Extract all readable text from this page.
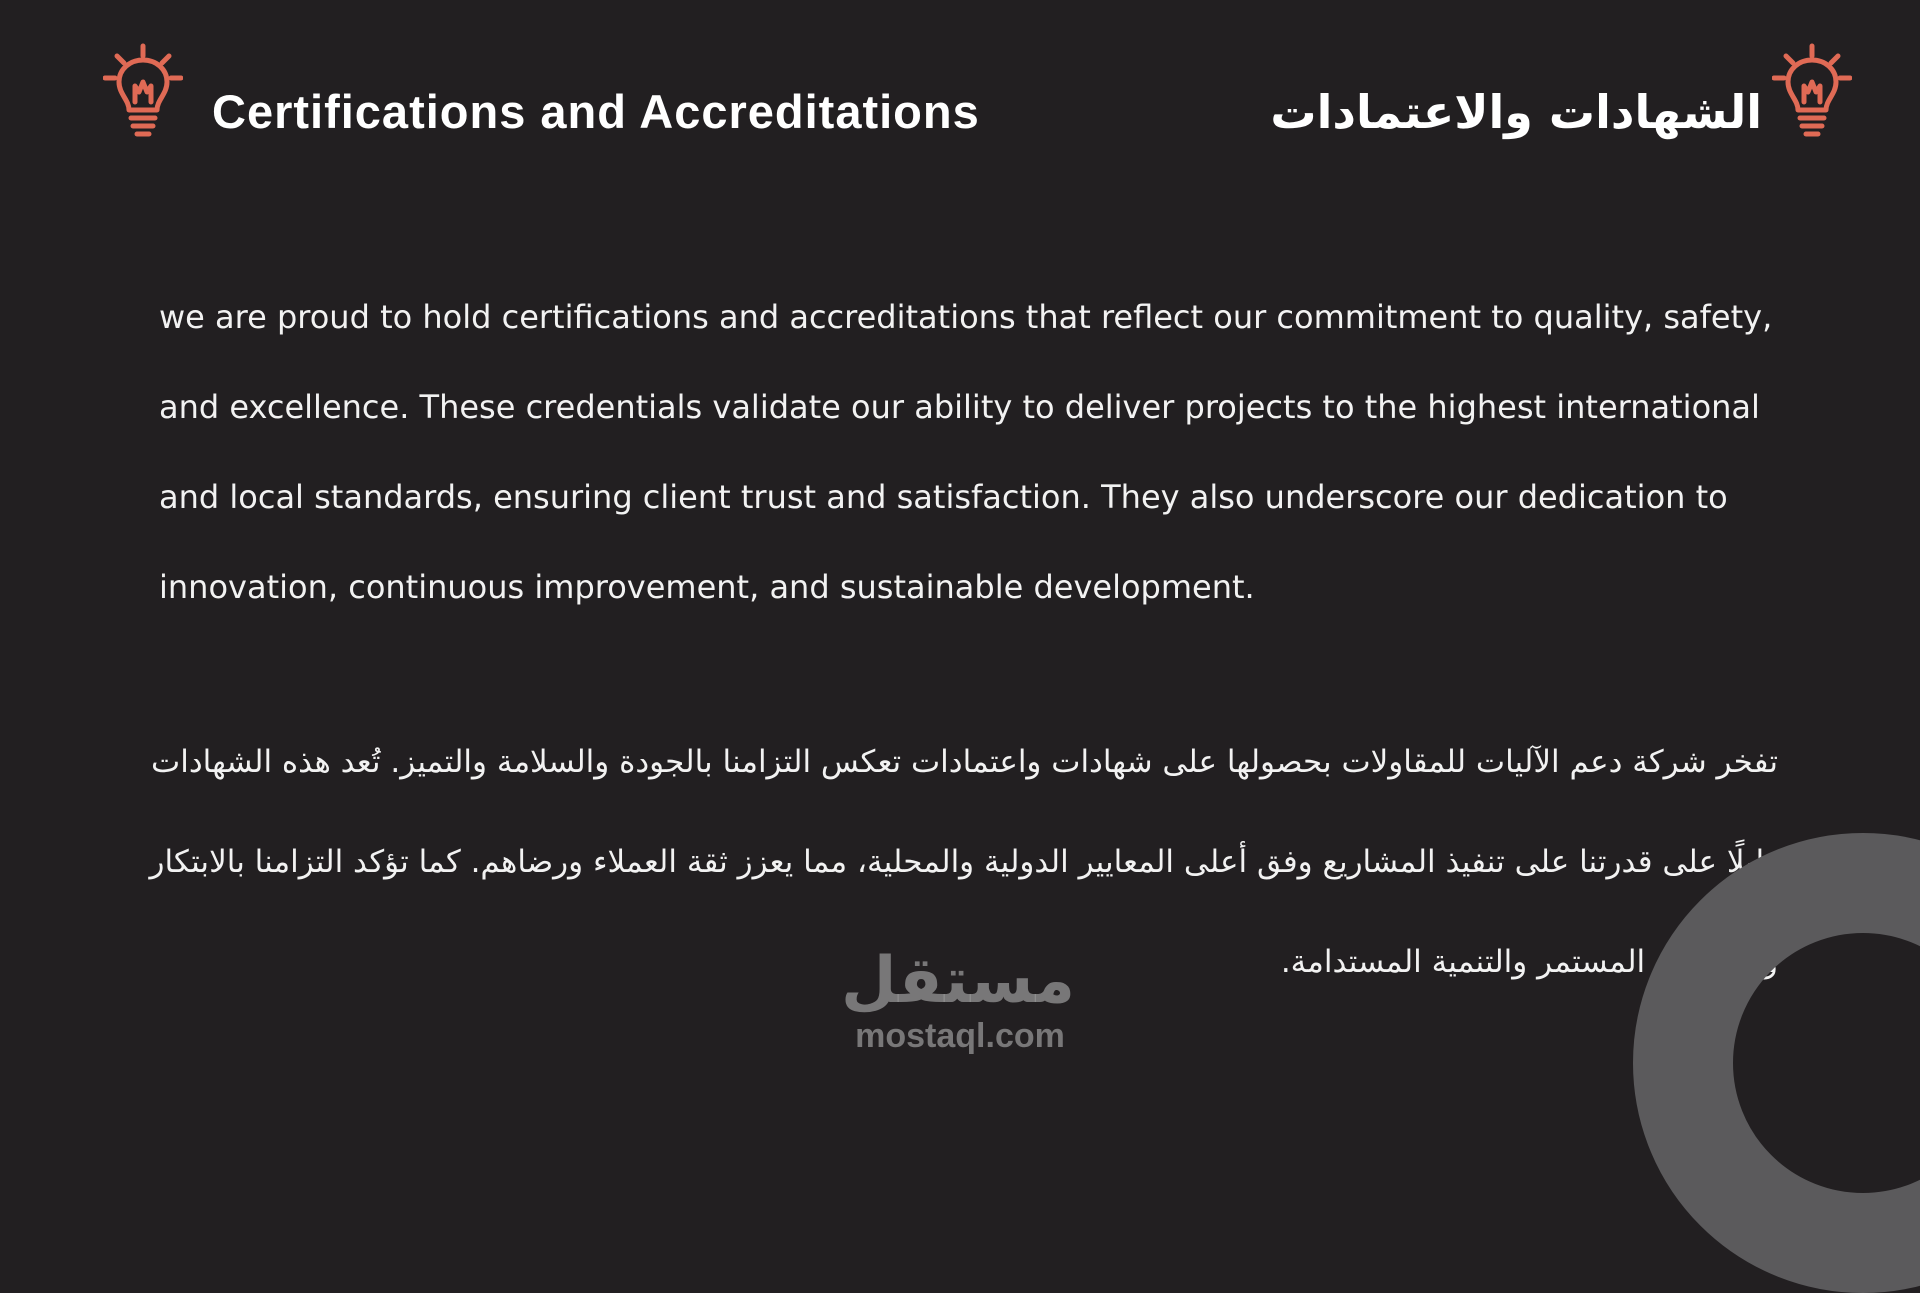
Certifications and Accreditations	الشهادات والاعتمادات

we are proud to hold certifications and accreditations that reflect our commitment to quality, safety, and excellence. These credentials validate our ability to deliver projects to the highest international and local standards, ensuring client trust and satisfaction. They also underscore our dedication to innovation, continuous improvement, and sustainable development.

تفخر شركة دعم الآليات للمقاولات بحصولها على شهادات واعتمادات تعكس التزامنا بالجودة والسلامة والتميز. تُعد هذه الشهادات دليلًا على قدرتنا على تنفيذ المشاريع وفق أعلى المعايير الدولية والمحلية، مما يعزز ثقة العملاء ورضاهم. كما تؤكد التزامنا بالابتكار والتحسين المستمر والتنمية المستدامة.

مستقل
mostaql.com
